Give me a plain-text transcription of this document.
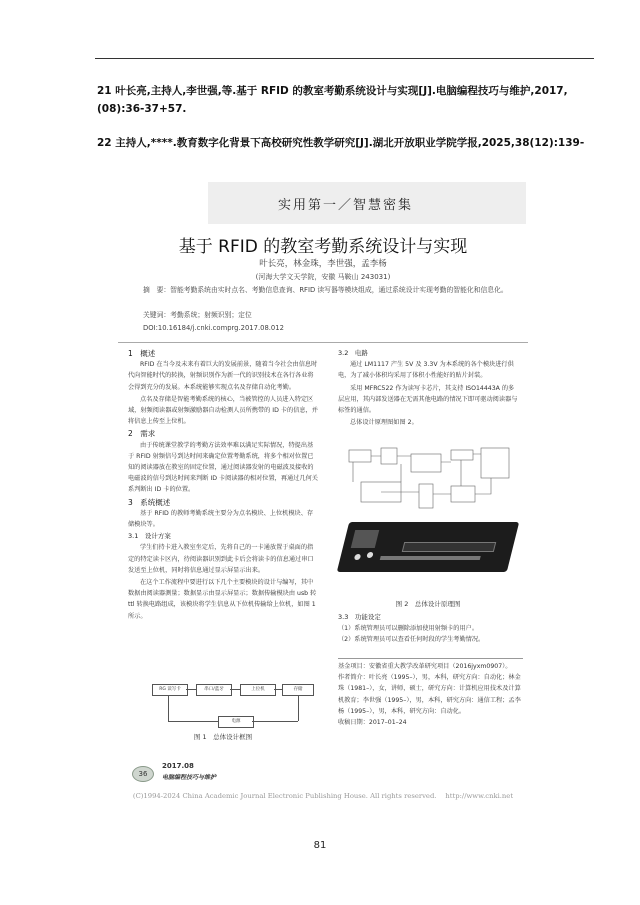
21 叶长亮,主持人,李世强,等.基于 RFID 的教室考勤系统设计与实现[J].电脑编程技巧与维护,2017,(08):36-37+57.
22 主持人,****.教育数字化背景下高校研究性教学研究[J].湖北开放职业学院学报,2025,38(12):139-
实用第一／智慧密集
基于 RFID 的教室考勤系统设计与实现
叶长亮，林金珠，李世强，孟李杨
(河海大学文天学院，安徽 马鞍山 243031)
摘　要：智能考勤系统由实时点名、考勤信息查询、RFID 读写器等模块组成，通过系统设计实现考勤的智能化和信息化。
关键词：考勤系统；射频识别；定位
DOI:10.16184/j.cnki.comprg.2017.08.012
1　概述

RFID 在当今及未来有着巨大的发展前景，随着当今社会由信息时代向智能时代的转换，射频识别作为新一代的识别技术在各行各业将会得到充分的发展。本系统能够实现点名及存储自动化考勤。

点名及存储是智能考勤系统的核心，当被管控的人员进入特定区域，射频阅读器或射频激励器自动检测人员所携带的 ID 卡的信息，并将信息上传至上位机。

2　需求

由于传统课堂教学的考勤方法效率难以满足实际情况，特提出基于 RFID 射频信号到达时间来确定位置考勤系统，将多个相对位置已知的阅读器放在教室的固定位置，通过阅读器发射的电磁波及接收的电磁波的信号到达时间来判断 ID 卡阅读器的相对位置，再通过几何关系判断出 ID 卡的位置。

3　系统概述

基于 RFID 的教师考勤系统主要分为点名模块、上位机模块、存储模块等。

3.1　设计方案

学生们持卡进入教室坐定后，先将自己的一卡通放置于桌面的指定的特定读卡区内，待阅读器识别到此卡后会将读卡的信息通过串口发送至上位机，同时将信息通过显示屏显示出来。

在这个工作流程中要进行以下几个主要模块的设计与编写，其中数据由阅读器测量；数据显示由显示屏显示；数据传输模块由 usb 转 ttl 转换电路组成，该模块将学生信息从下位机传输给上位机，如图 1 所示。

RG 读写卡	串口/蓝牙	上位机	存储
电源
图 1　总体设计框图
3.2　电路

通过 LM1117 产生 5V 及 3.3V 为本系统的各个模块进行供电，为了减小体积均采用了体积小性能好的贴片封装。

采用 MFRC522 作为读写卡芯片，其支持 ISO14443A 的多层应用，其内部发送器在无需其他电路的情况下即可驱动阅读器与标签的通信。

总体设计原理图如图 2。

图 2　总体设计原理图
3.3　功能设定

（1）系统管理员可以删除添加使用射频卡的用户。

（2）系统管理员可以查看任何时段的学生考勤情况。

基金项目：安徽省重大教学改革研究项目（2016jyxm0907）。
作者简介：叶长亮（1995–），男，本科，研究方向：自动化；林金珠（1981–），女，讲师，硕士，研究方向：计算机应用技术及计算机教育；李世强（1995–），男，本科，研究方向：通信工程；孟李杨（1995–），男，本科，研究方向：自动化。
收稿日期：2017–01–24
36
2017.08
电脑编程技巧与维护
(C)1994-2024 China Academic Journal Electronic Publishing House. All rights reserved.　 http://www.cnki.net
81
